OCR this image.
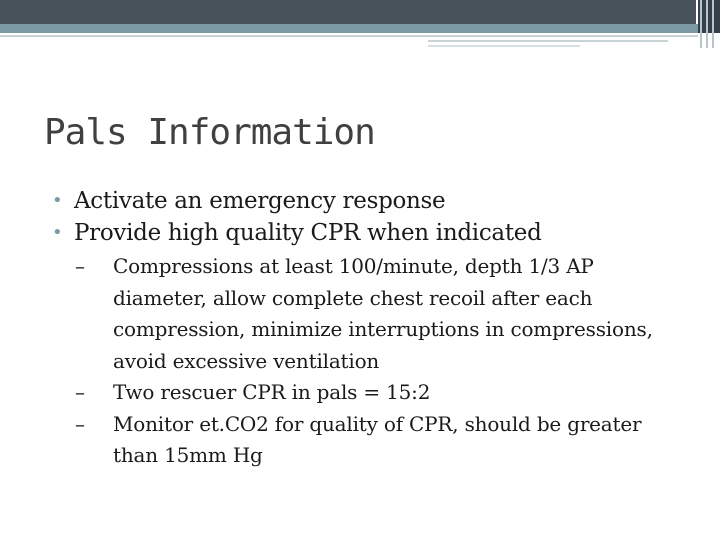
Pals Information
• Activate an emergency response
• Provide high quality CPR when indicated
–	Compressions at least 100/minute, depth 1/3 AP diameter, allow complete chest recoil after each compression, minimize interruptions in compressions, avoid excessive ventilation
–	Two rescuer CPR in pals = 15:2
–	Monitor et.CO2 for quality of CPR, should be greater than 15mm Hg
